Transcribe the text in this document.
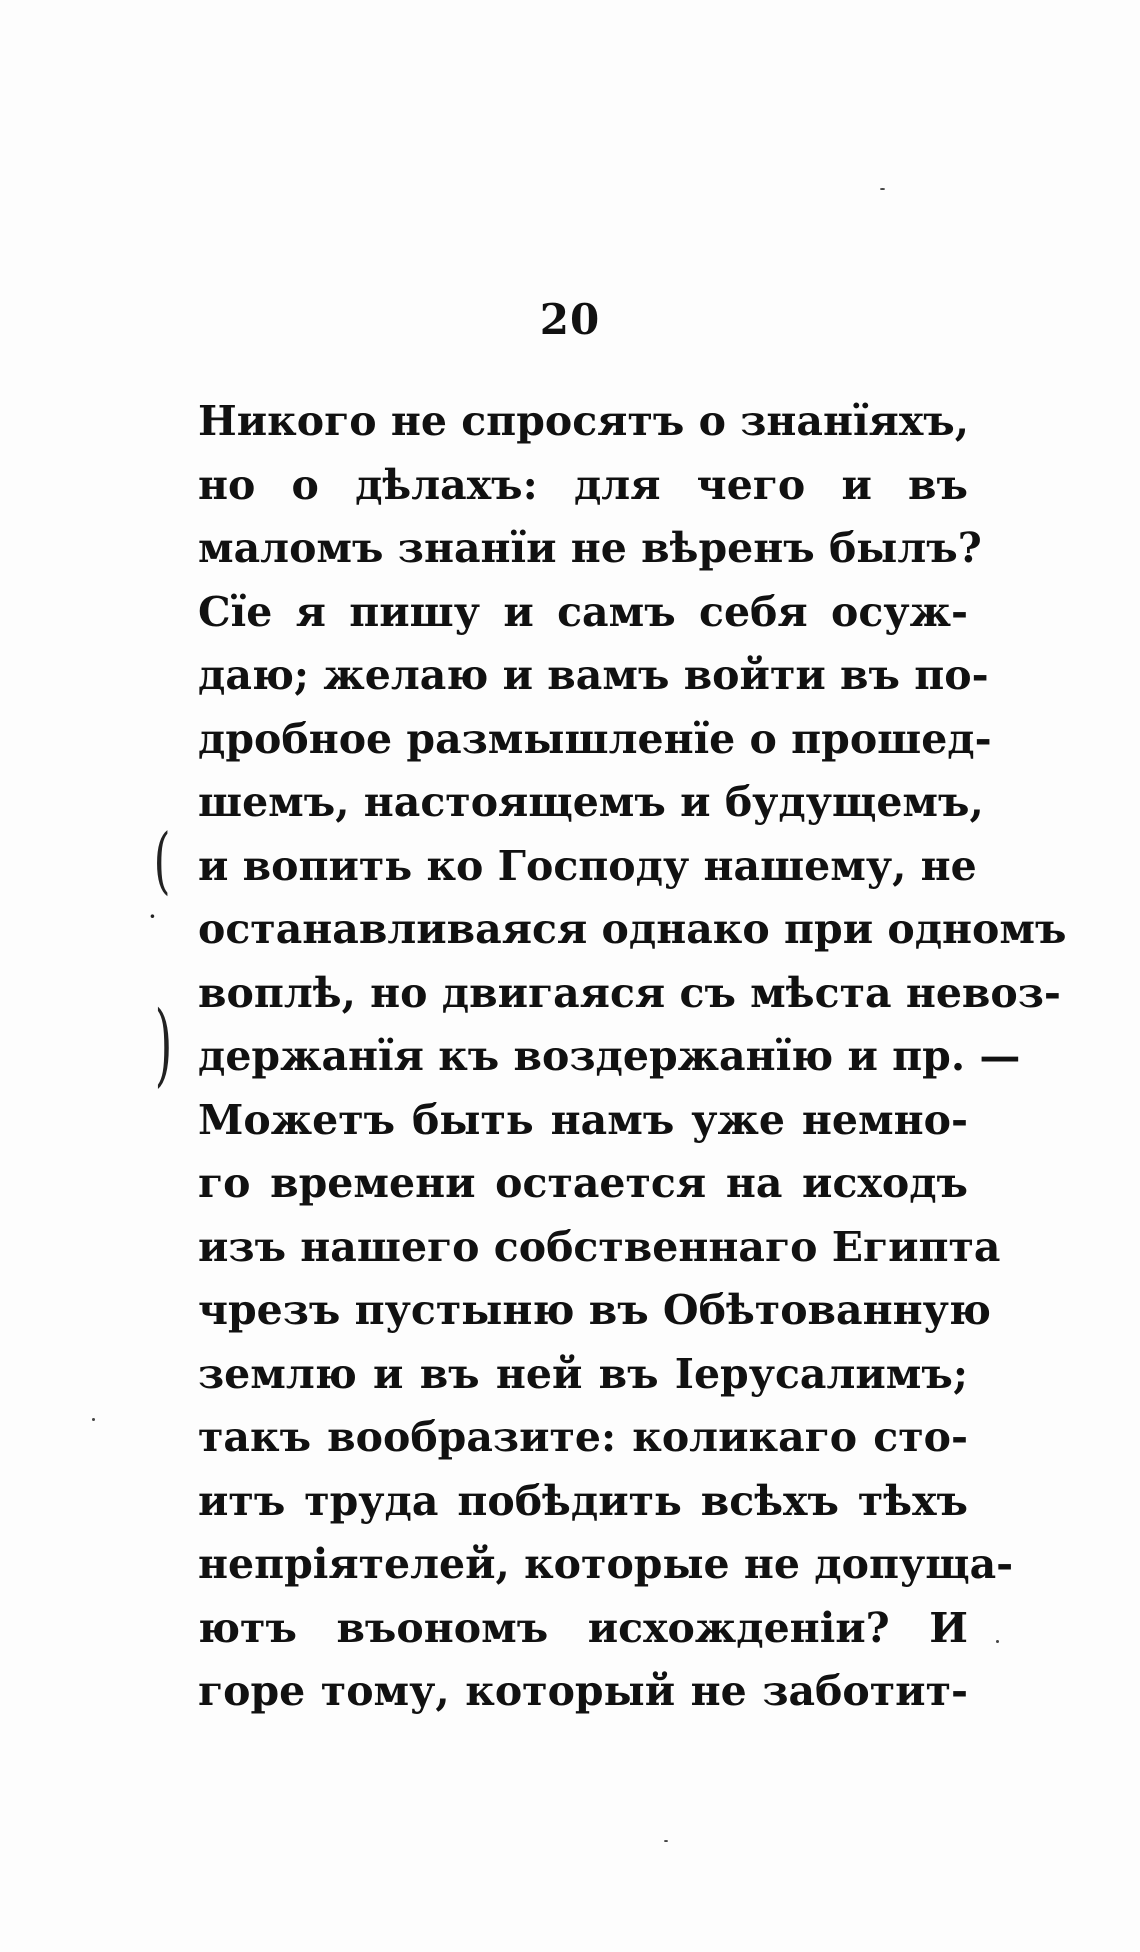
20
(
·
)
Никого не спросятъ о знанїяхъ,
но о дѣлахъ: для чего и въ
маломъ знанїи не вѣренъ былъ?
Сїе я пишу и самъ себя осуж-
даю; желаю и вамъ войти въ по-
дробное размышленїе о прошед-
шемъ, настоящемъ и будущемъ,
и вопить ко Господу нашему, не
останавливаяся однако при одномъ
воплѣ, но двигаяся съ мѣста невоз-
держанїя къ воздержанїю и пр. —
Можетъ быть намъ уже немно-
го времени остается на исходъ
изъ нашего собственнаго Египта
чрезъ пустыню въ Обѣтованную
землю и въ ней въ Іерусалимъ;
такъ вообразите: коликаго сто-
итъ труда побѣдить всѣхъ тѣхъ
непрiятелей, которые не допуща-
ютъ въономъ исхожденiи? И
горе тому, который не заботит-
